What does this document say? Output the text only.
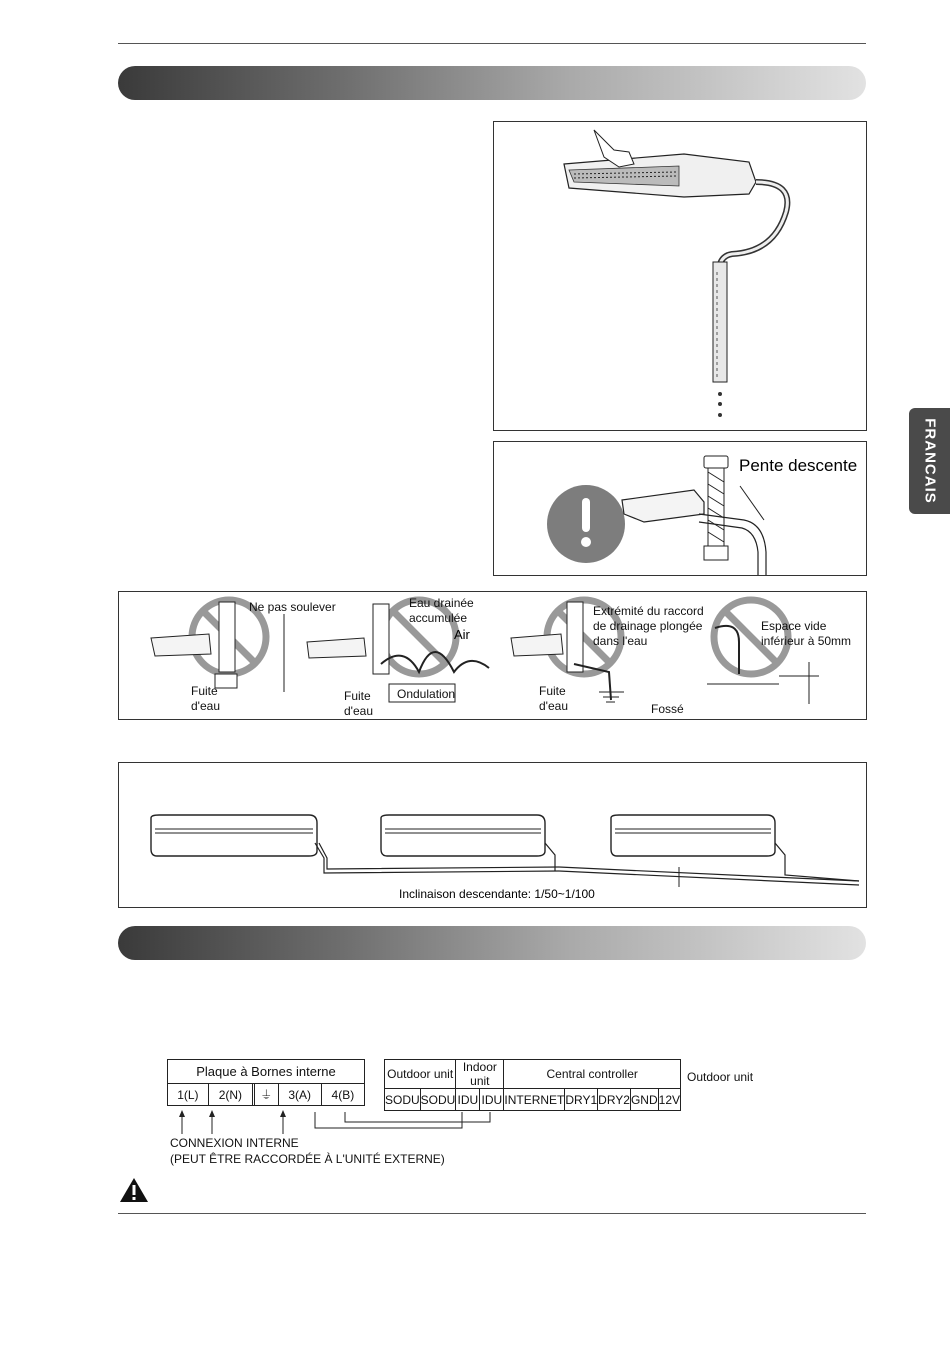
FRANCAIS
Pente descente
Ne pas soulever
Fuite
d'eau
Ondulation
Eau drainée
accumulée
Air
Fuite
d'eau
Extrémité du raccord
de drainage plongée
dans l'eau
Fuite
d'eau	Fossé
Espace vide
inférieur à 50mm
Inclinaison descendante: 1/50~1/100
Plaque à Bornes interne
1(L)	2(N)		⏚	3(A)	4(B)
Outdoor unit		Indoor unit		Central controller				
SODU	SODU	IDU	IDU	INTERNET	DRY1	DRY2	GND	12V
Outdoor unit
CONNEXION INTERNE
(PEUT ÊTRE RACCORDÉE À L'UNITÉ EXTERNE)
